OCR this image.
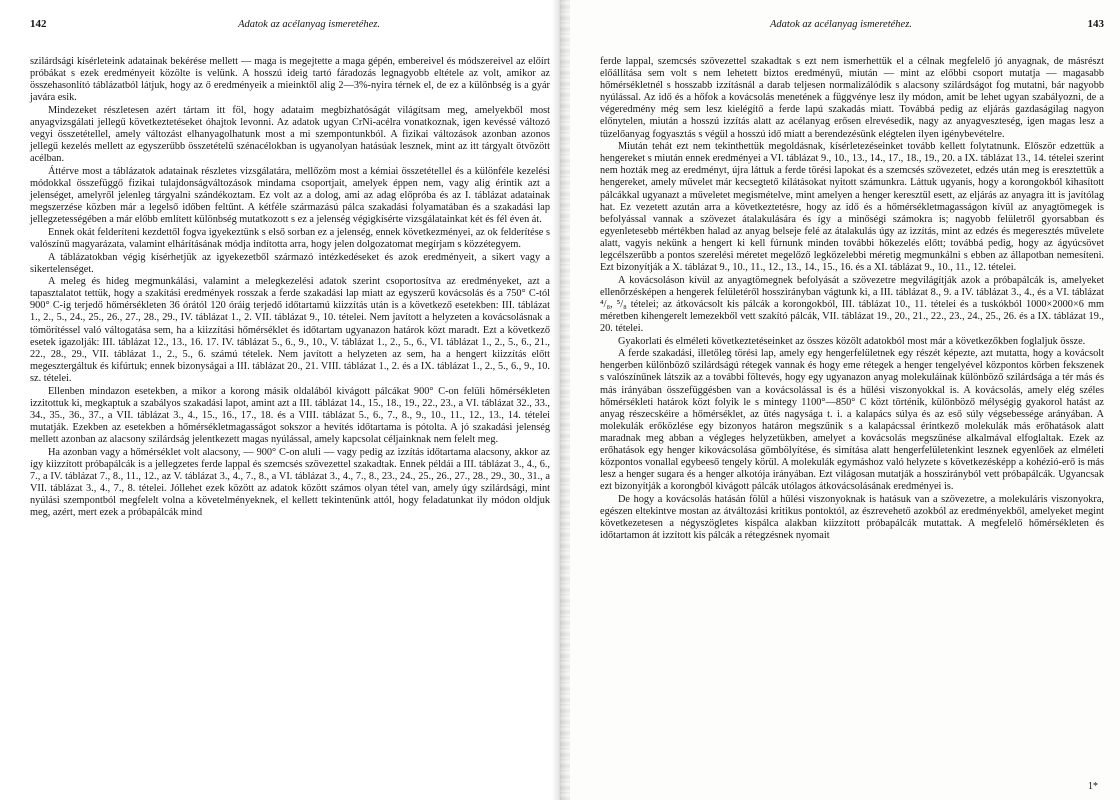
142	Adatok az acélanyag ismeretéhez.

szilárdsági kísérleteink adatainak bekérése mellett — maga is megejtette a maga gépén, embereivel és módszereivel az előírt próbákat s ezek eredményeit közölte is velünk. A hosszú ideig tartó fáradozás legnagyobb eltétele az volt, amikor az összehasonlító táblázatból látjuk, hogy az ő eredményeik a mieinktől alig 2—3%-nyira térnek el, de ez a különbség is a gyár javára esik.

Mindezeket részletesen azért tártam itt föl, hogy adataim megbízhatóságát világítsam meg, amelyekből most anyagvizsgálati jellegű következtetéseket óhajtok levonni. Az adatok ugyan CrNi-acélra vonatkoznak, igen kevéssé változó vegyi összetétellel, amely változást elhanyagolhatunk most a mi szempontunkból. A fizikai változások azonban azonos jellegű kezelés mellett az egyszerűbb összetételű szénacélokban is ugyanolyan hatásúak lesznek, mint az itt tárgyalt ötvözött acélban.

Áttérve most a táblázatok adatainak részletes vizsgálatára, mellőzöm most a kémiai összetétellel és a különféle kezelési módokkal összefüggő fizikai tulajdonságváltozások mindama csoportjait, amelyek éppen nem, vagy alig érintik azt a jelenséget, amelyről jelenleg tárgyalni szándékoztam. Ez volt az a dolog, ami az adag előpróba és az I. táblázat adatainak megszerzése közben már a legelső időben feltűnt. A kétféle származású pálca szakadási folyamatában és a szakadási lap jellegzetességében a már előbb említett különbség mutatkozott s ez a jelenség végigkísérte vizsgálatainkat két és fél éven át.

Ennek okát felderíteni kezdettől fogva igyekeztünk s első sorban ez a jelenség, ennek következményei, az ok felderítése s valószínű magyarázata, valamint elhárításának módja indította arra, hogy jelen dolgozatomat megírjam s közzétegyem.

A táblázatokban végig kísérhetjük az igyekezetből származó intézkedéseket és azok eredményeit, a sikert vagy a sikertelenséget.

A meleg és hideg megmunkálási, valamint a melegkezelési adatok szerint csoportosítva az eredményeket, azt a tapasztalatot tettük, hogy a szakítási eredmények rosszak a ferde szakadási lap miatt az egyszerű kovácsolás és a 750° C-tól 900° C-ig terjedő hőmérsékleten 36 órától 120 óráig terjedő időtartamú kiizzítás után is a következő esetekben: III. táblázat 1., 2., 5., 24., 25., 26., 27., 28., 29., IV. táblázat 1., 2. VII. táblázat 9., 10. tételei. Nem javított a helyzeten a kovácsolásnak a tömörítéssel való váltogatása sem, ha a kiizzítási hőmérséklet és időtartam ugyanazon határok közt maradt. Ezt a következő esetek igazolják: III. táblázat 12., 13., 16. 17. IV. táblázat 5., 6., 9., 10., V. táblázat 1., 2., 5., 6., VI. táblázat 1., 2., 5., 6., 21., 22., 28., 29., VII. táblázat 1., 2., 5., 6. számú tételek. Nem javított a helyzeten az sem, ha a hengert kiizzítás előtt megesztergáltuk és kifúrtuk; ennek bizonyságai a III. táblázat 20., 21. VIII. táblázat 1., 2. és a IX. táblázat 1., 2., 5., 6., 9., 10. sz. tételei.

Ellenben mindazon esetekben, a mikor a korong másik oldalából kivágott pálcákat 900° C-on felüli hőmérsékleten izzitottuk ki, megkaptuk a szabályos szakadási lapot, amint azt a III. táblázat 14., 15., 18., 19., 22., 23., a VI. táblázat 32., 33., 34., 35., 36., 37., a VII. táblázat 3., 4., 15., 16., 17., 18. és a VIII. táblázat 5., 6., 7., 8., 9., 10., 11., 12., 13., 14. tételei mutatják. Ezekben az esetekben a hőmérsékletmagasságot sokszor a hevítés időtartama is pótolta. A jó szakadási jelenség mellett azonban az alacsony szilárdság jelentkezett magas nyúlással, amely kapcsolat céljainknak nem felelt meg.

Ha azonban vagy a hőmérséklet volt alacsony, — 900° C-on aluli — vagy pedig az izzítás időtartama alacsony, akkor az így kiizzított próbapálcák is a jellegzetes ferde lappal és szemcsés szövezettel szakadtak. Ennek példái a III. táblázat 3., 4., 6., 7., a IV. táblázat 7., 8., 11., 12., az V. táblázat 3., 4., 7., 8., a VI. táblázat 3., 4., 7., 8., 23., 24., 25., 26., 27., 28., 29., 30., 31., a VII. táblázat 3., 4., 7., 8. tételei. Jóllehet ezek között az adatok között számos olyan tétel van, amely úgy szilárdsági, mint nyúlási szempontból megfelelt volna a követelményeknek, el kellett tekintenünk attól, hogy feladatunkat ily módon oldjuk meg, azért, mert ezek a próbapálcák mind

Adatok az acélanyag ismeretéhez.	143

ferde lappal, szemcsés szövezettel szakadtak s ezt nem ismerhettük el a célnak megfelelő jó anyagnak, de másrészt előállítása sem volt s nem lehetett biztos eredményű, miután — mint az előbbi csoport mutatja — magasabb hőmérsékletnél s hosszabb izzításnál a darab teljesen normalizálódik s alacsony szilárdságot fog mutatni, bár nagyobb nyúlással. Az idő és a hőfok a kovácsolás menetének a függvénye lesz ily módon, amit be lehet ugyan szabályozni, de a végeredmény még sem lesz kielégítő a ferde lapú szakadás miatt. Továbbá pedig az eljárás gazdaságilag nagyon előnytelen, miután a hosszú izzítás alatt az acélanyag erősen elrevésedik, nagy az anyagveszteség, igen magas lesz a tüzelőanyag fogyasztás s végül a hosszú idő miatt a berendezésünk elégtelen ilyen igénybevételre.

Miután tehát ezt nem tekinthettük megoldásnak, kísérletezéseinket tovább kellett folytatnunk. Először edzettük a hengereket s miután ennek eredményei a VI. táblázat 9., 10., 13., 14., 17., 18., 19., 20. a IX. táblázat 13., 14. tételei szerint nem hozták meg az eredményt, újra láttuk a ferde törési lapokat és a szemcsés szövezetet, edzés után meg is eresztettük a hengereket, amely művelet már kecsegtető kilátásokat nyitott számunkra. Láttuk ugyanis, hogy a korongokból kihasított pálcákkal ugyanazt a műveletet megismételve, mint amelyen a henger keresztül esett, az eljárás az anyagra itt is javítólag hat. Ez vezetett azután arra a következtetésre, hogy az idő és a hőmérsékletmagasságon kívül az anyagtömegek is befolyással vannak a szövezet átalakulására és így a minőségi számokra is; nagyobb felületről gyorsabban és egyenletesebb mértékben halad az anyag belseje felé az átalakulás úgy az izzítás, mint az edzés és megeresztés művelete alatt, vagyis nekünk a hengert ki kell fúrnunk minden további hőkezelés előtt; továbbá pedig, hogy az ágyúcsövet legcélszerűbb a pontos szerelési méretet megelőző legközelebbi méretig megmunkálni s ebben az állapotban nemesíteni. Ezt bizonyítják a X. táblázat 9., 10., 11., 12., 13., 14., 15., 16. és a XI. táblázat 9., 10., 11., 12. tételei.

A kovácsoláson kívül az anyagtömegnek befolyását a szövezetre megvilágítják azok a próbapálcák is, amelyeket ellenőrzésképen a hengerek felületéről hosszirányban vágtunk ki, a III. táblázat 8., 9. a IV. táblázat 3., 4., és a VI. táblázat ⁴/₈, ⁵/₈ tételei; az átkovácsolt kis pálcák a korongokból, III. táblázat 10., 11. tételei és a tuskókból 1000×2000×6 mm méretben kihengerelt lemezekből vett szakító pálcák, VII. táblázat 19., 20., 21., 22., 23., 24., 25., 26. és a IX. táblázat 19., 20. tételei.

Gyakorlati és elméleti következtetéseinket az összes közölt adatokból most már a következőkben foglaljuk össze.

A ferde szakadási, illetőleg törési lap, amely egy hengerfelületnek egy részét képezte, azt mutatta, hogy a kovácsolt hengerben különböző szilárdságú rétegek vannak és hogy eme rétegek a henger tengelyével központos körben fekszenek s valószínűnek látszik az a további föltevés, hogy egy ugyanazon anyag molekuláinak különböző szilárdsága a tér más és más irányában összefüggésben van a kovácsolással is és a hűlési viszonyokkal is. A kovácsolás, amely elég széles hőmérsékleti határok közt folyik le s mintegy 1100°—850° C közt történik, különböző mélységig gyakorol hatást az anyag részecskéire a hőmérséklet, az ütés nagysága t. i. a kalapács súlya és az eső súly végsebessége arányában. A molekulák erőközlése egy bizonyos határon megszűnik s a kalapácssal érintkező molekulák más erőhatások alatt maradnak meg abban a végleges helyzetükben, amelyet a kovácsolás megszűnése alkalmával elfoglaltak. Ezek az erőhatások egy henger kikovácsolása gömbölyítése, és simítása alatt hengerfelületenkint lesznek egyenlőek az elméleti központos vonallal egybeeső tengely körül. A molekulák egymáshoz való helyzete s következésképp a kohézió-erő is más lesz a henger sugara és a henger alkotója irányában. Ezt világosan mutatják a hosszirányból vett próbapálcák. Ugyancsak ezt bizonyítják a korongból kivágott pálcák utólagos átkovácsolásának eredményei is.

De hogy a kovácsolás hatásán fölül a hűlési viszonyoknak is hatásuk van a szövezetre, a molekuláris viszonyokra, egészen eltekintve mostan az átváltozási kritikus pontoktól, az észrevehető azokból az eredményekből, amelyeket megint következetesen a négyszögletes kispálca alakban kiizzított próbapálcák mutattak. A megfelelő hőmérsékleten és időtartamon át izzított kis pálcák a rétegzésnek nyomait

1*
